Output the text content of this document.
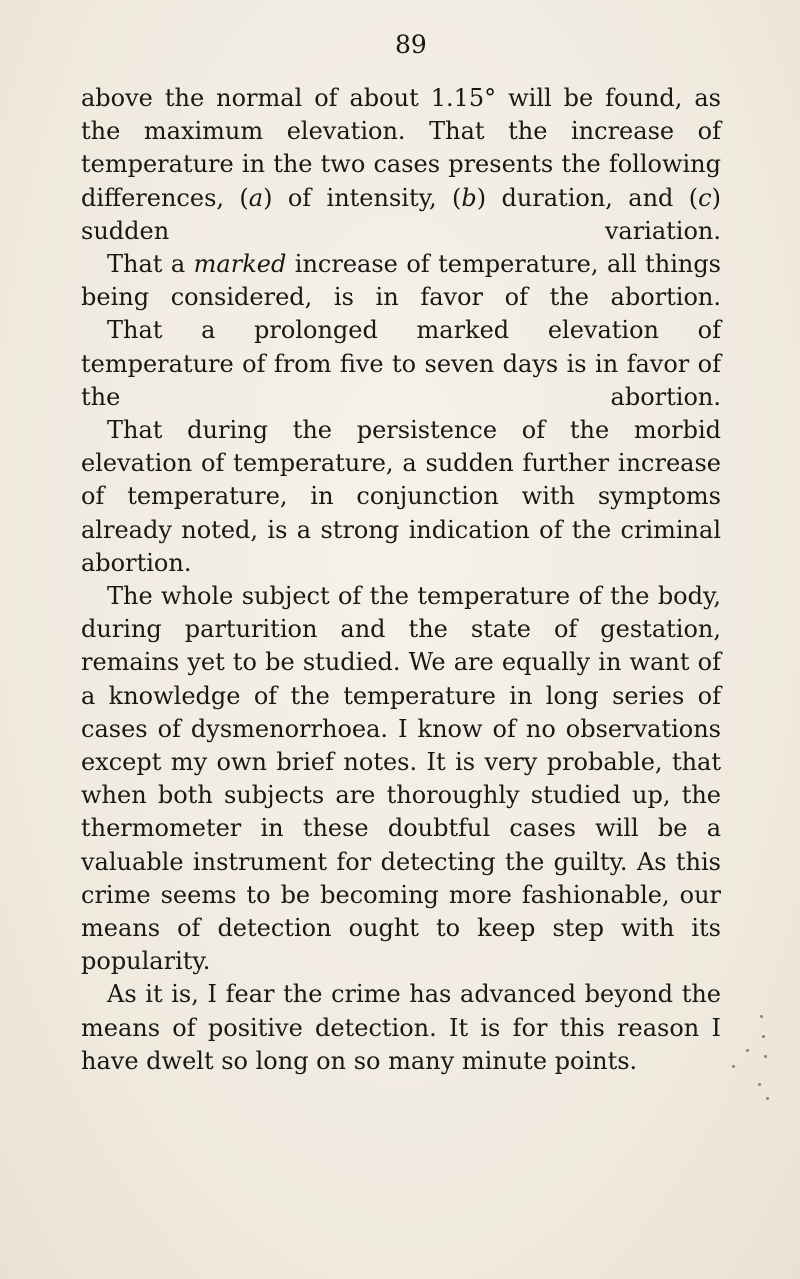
89

above the normal of about 1.15° will be found, as the maximum elevation. That the increase of temperature in the two cases presents the following differences, (a) of intensity, (b) duration, and (c) sudden variation.

That a marked increase of temperature, all things being considered, is in favor of the abortion.

That a prolonged marked elevation of temperature of from five to seven days is in favor of the abortion.

That during the persistence of the morbid elevation of temperature, a sudden further increase of temperature, in conjunction with symptoms already noted, is a strong indication of the criminal abortion.

The whole subject of the temperature of the body, during parturition and the state of gestation, remains yet to be studied. We are equally in want of a knowledge of the temperature in long series of cases of dysmenorrhoea. I know of no observations except my own brief notes. It is very probable, that when both subjects are thoroughly studied up, the thermometer in these doubtful cases will be a valuable instrument for detecting the guilty. As this crime seems to be becoming more fashionable, our means of detection ought to keep step with its popularity.

As it is, I fear the crime has advanced beyond the means of positive detection. It is for this reason I have dwelt so long on so many minute points.
